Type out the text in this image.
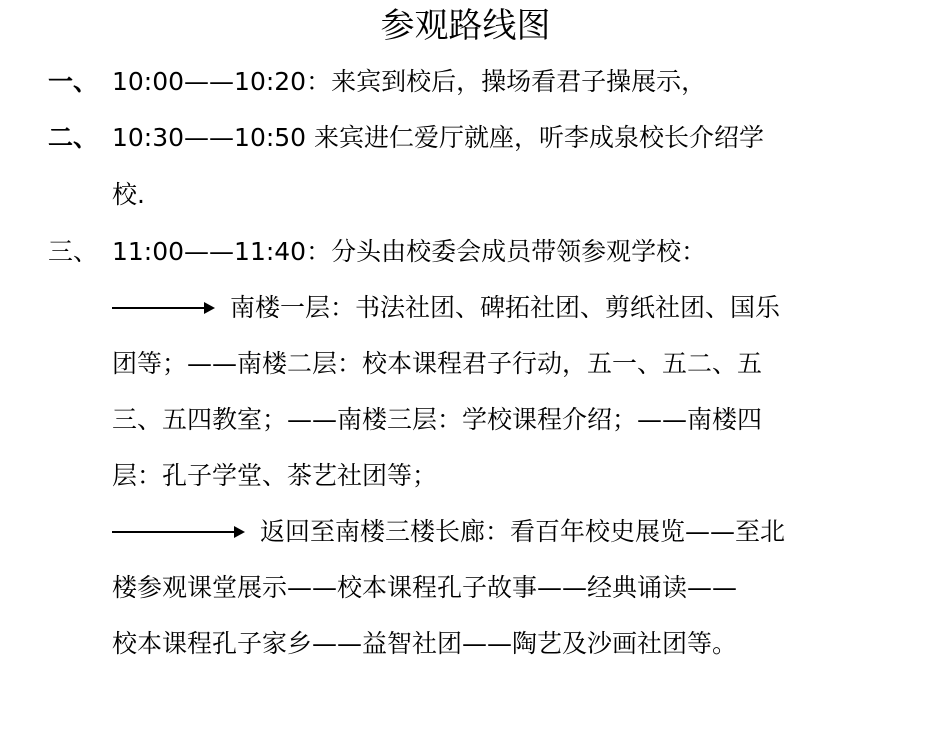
参观路线图
一、 10:00——10:20：来宾到校后，操场看君子操展示，
二、 10:30——10:50 来宾进仁爱厅就座，听李成泉校长介绍学
校.
三、 11:00——11:40：分头由校委会成员带领参观学校：
南楼一层：书法社团、碑拓社团、剪纸社团、国乐
团等；——南楼二层：校本课程君子行动，五一、五二、五
三、五四教室；——南楼三层：学校课程介绍；——南楼四
层：孔子学堂、茶艺社团等；
返回至南楼三楼长廊：看百年校史展览——至北
楼参观课堂展示——校本课程孔子故事——经典诵读——
校本课程孔子家乡——益智社团——陶艺及沙画社团等。
